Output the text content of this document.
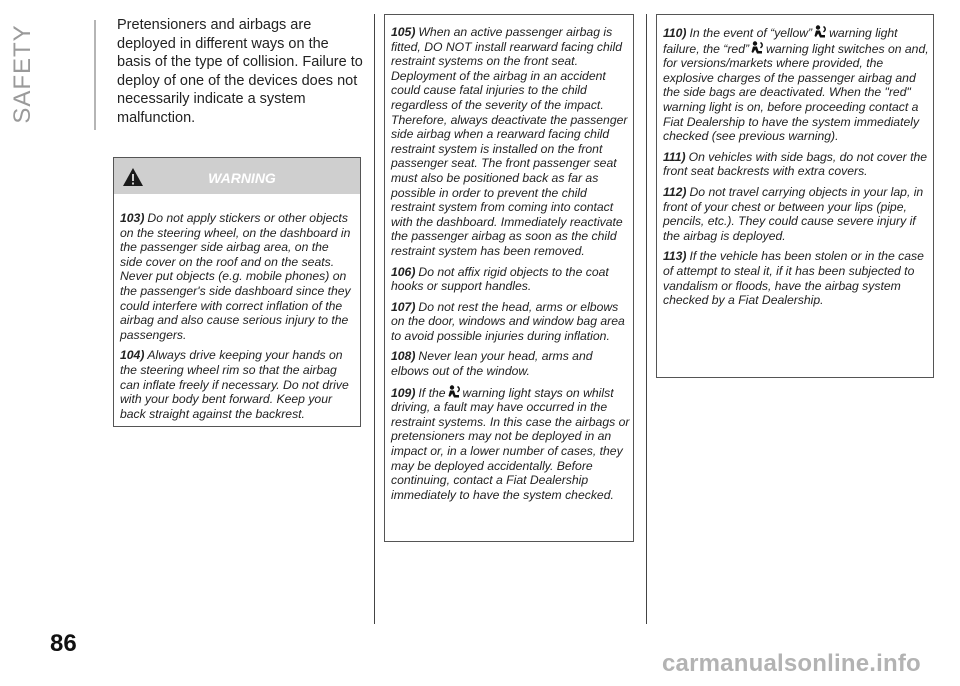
SAFETY
86
Pretensioners and airbags are deployed in different ways on the basis of the type of collision. Failure to deploy of one of the devices does not necessarily indicate a system malfunction.
WARNING

103) Do not apply stickers or other objects on the steering wheel, on the dashboard in the passenger side airbag area, on the side cover on the roof and on the seats. Never put objects (e.g. mobile phones) on the passenger's side dashboard since they could interfere with correct inflation of the airbag and also cause serious injury to the passengers.

104) Always drive keeping your hands on the steering wheel rim so that the airbag can inflate freely if necessary. Do not drive with your body bent forward. Keep your back straight against the backrest.

105) When an active passenger airbag is fitted, DO NOT install rearward facing child restraint systems on the front seat. Deployment of the airbag in an accident could cause fatal injuries to the child regardless of the severity of the impact. Therefore, always deactivate the passenger side airbag when a rearward facing child restraint system is installed on the front passenger seat. The front passenger seat must also be positioned back as far as possible in order to prevent the child restraint system from coming into contact with the dashboard. Immediately reactivate the passenger airbag as soon as the child restraint system has been removed.

106) Do not affix rigid objects to the coat hooks or support handles.

107) Do not rest the head, arms or elbows on the door, windows and window bag area to avoid possible injuries during inflation.

108) Never lean your head, arms and elbows out of the window.

109) If the warning light stays on whilst driving, a fault may have occurred in the restraint systems. In this case the airbags or pretensioners may not be deployed in an impact or, in a lower number of cases, they may be deployed accidentally. Before continuing, contact a Fiat Dealership immediately to have the system checked.

110) In the event of “yellow” warning light failure, the “red” warning light switches on and, for versions/markets where provided, the explosive charges of the passenger airbag and the side bags are deactivated. When the "red" warning light is on, before proceeding contact a Fiat Dealership to have the system immediately checked (see previous warning).

111) On vehicles with side bags, do not cover the front seat backrests with extra covers.

112) Do not travel carrying objects in your lap, in front of your chest or between your lips (pipe, pencils, etc.). They could cause severe injury if the airbag is deployed.

113) If the vehicle has been stolen or in the case of attempt to steal it, if it has been subjected to vandalism or floods, have the airbag system checked by a Fiat Dealership.

carmanualsonline.info
